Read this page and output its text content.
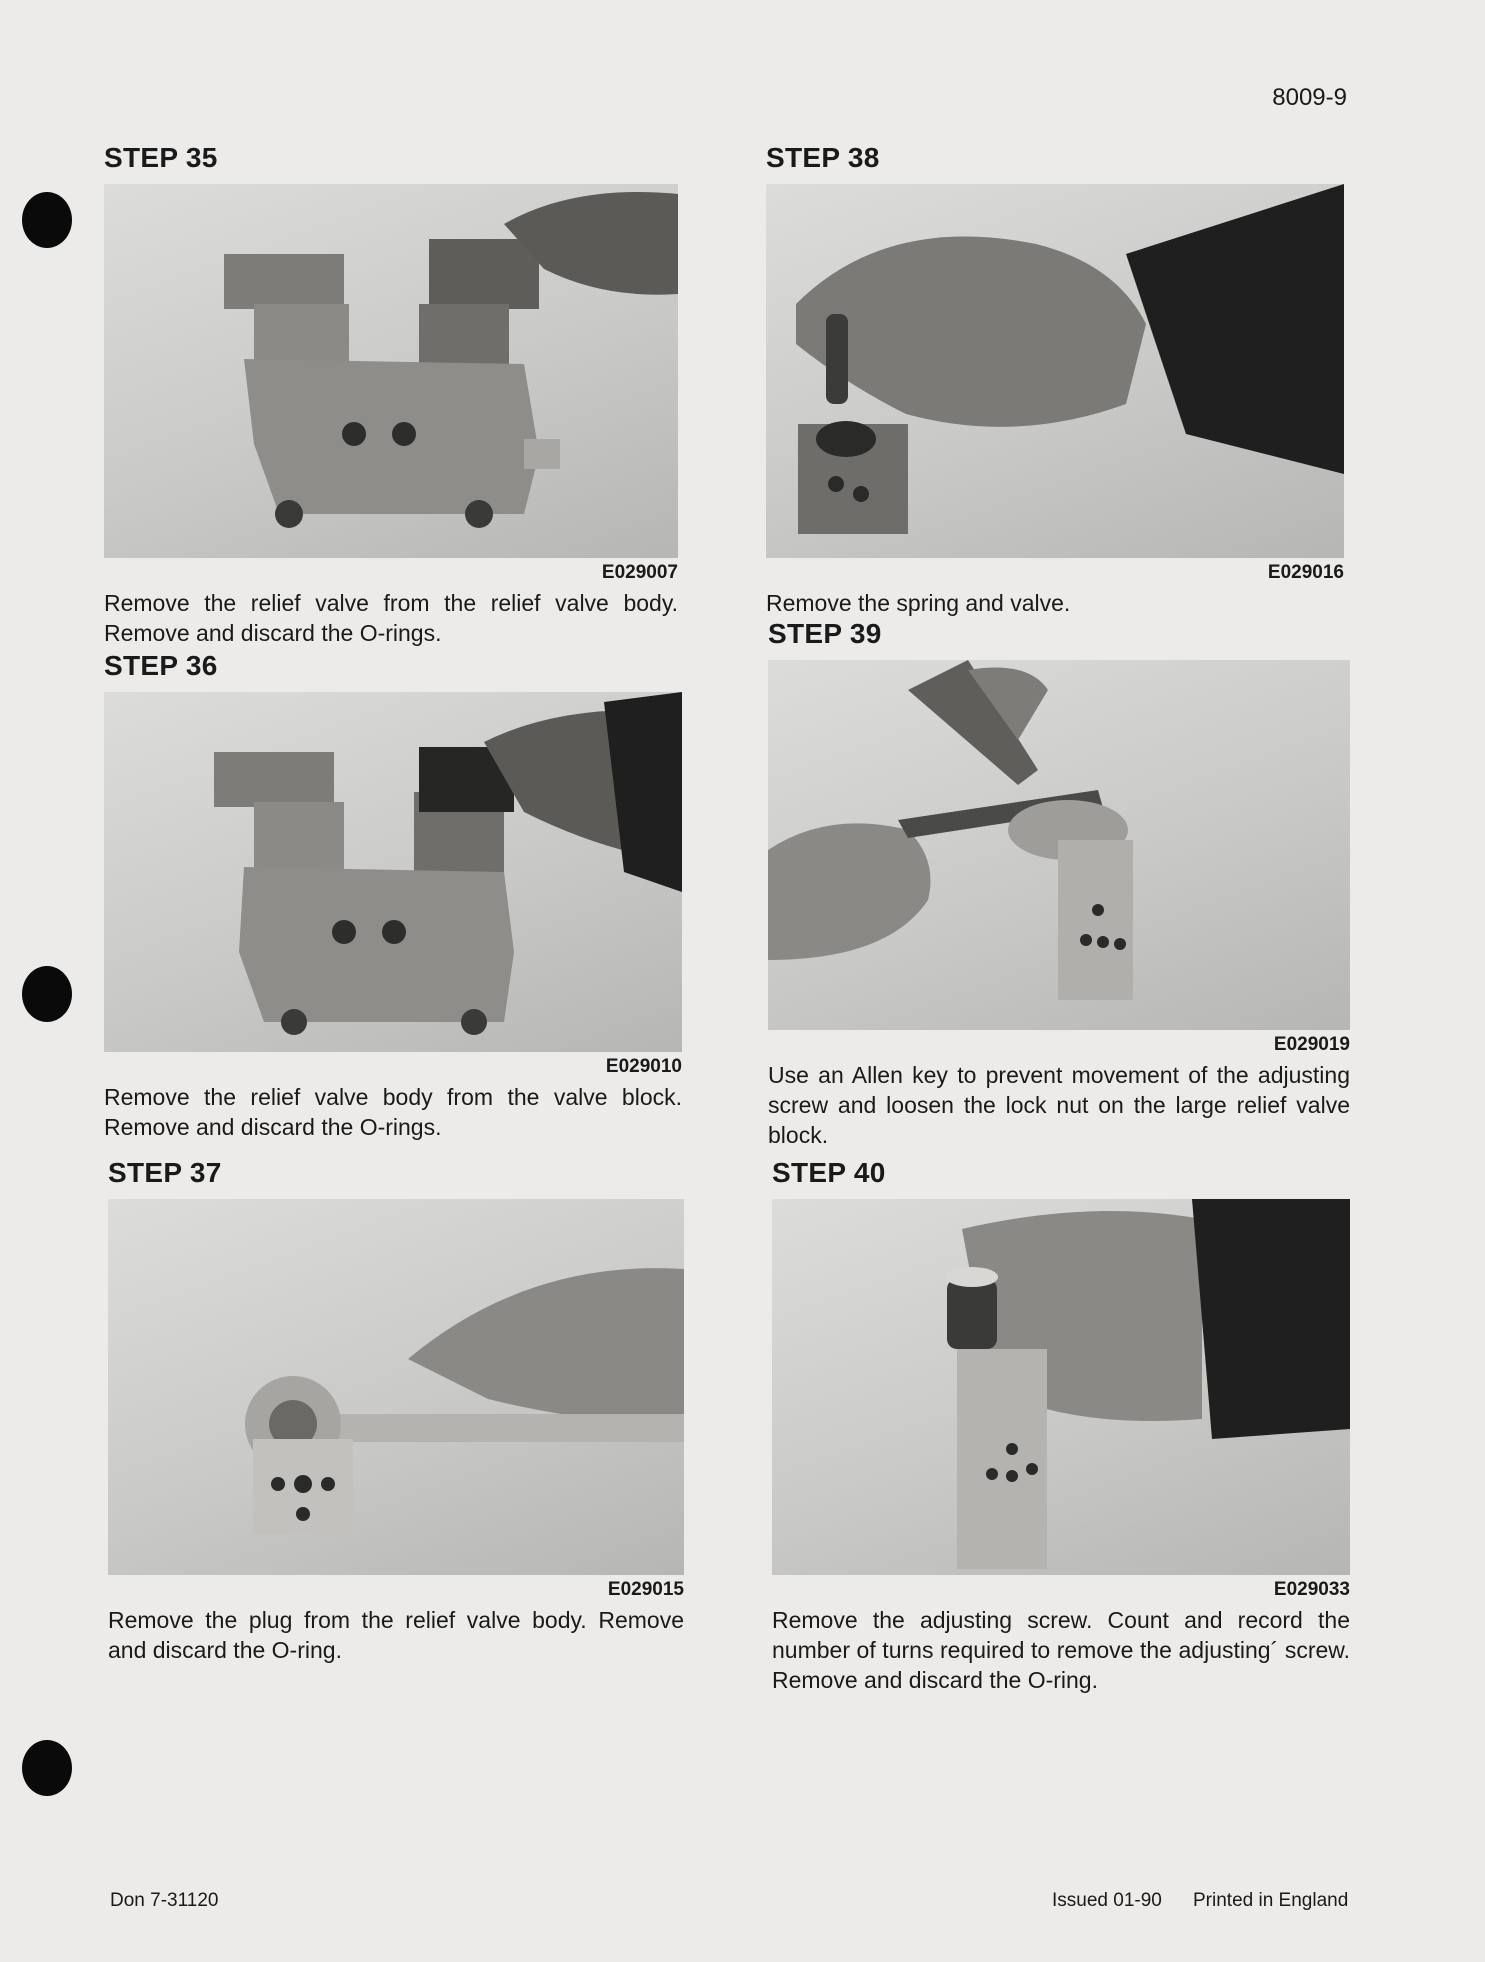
8009-9
STEP 35
E029007
Remove the relief valve from the relief valve body. Remove and discard the O-rings.
STEP 38
E029016
Remove the spring and valve.
STEP 36
E029010
Remove the relief valve body from the valve block. Remove and discard the O-rings.
STEP 39
E029019
Use an Allen key to prevent movement of the adjusting screw and loosen the lock nut on the large relief valve block.
STEP 37
E029015
Remove the plug from the relief valve body. Remove and discard the O-ring.
STEP 40
E029033
Remove the adjusting screw. Count and record the number of turns required to remove the adjusting´ screw. Remove and discard the O-ring.
Don 7-31120	Issued 01-90 Printed in England
